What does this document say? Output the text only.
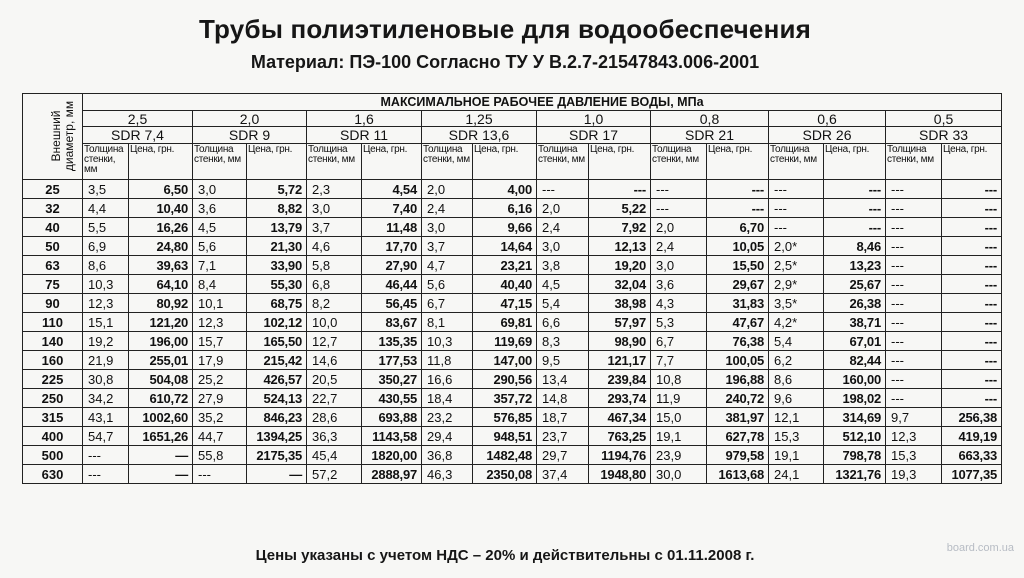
Трубы полиэтиленовые для водообеспечения
Материал: ПЭ-100 Согласно ТУ У В.2.7-21547843.006-2001
Внешний диаметр, мм	МАКСИМАЛЬНОЕ РАБОЧЕЕ ДАВЛЕНИЕ ВОДЫ, МПа															
	2,5		2,0		1,6		1,25		1,0		0,8		0,6		0,5	
	SDR 7,4		SDR 9		SDR 11		SDR 13,6		SDR 17		SDR 21		SDR 26		SDR 33	
	Толщина стенки, мм	Цена, грн.	Толщина стенки, мм	Цена, грн.	Толщина стенки, мм	Цена, грн.	Толщина стенки, мм	Цена, грн.	Толщина стенки, мм	Цена, грн.	Толщина стенки, мм	Цена, грн.	Толщина стенки, мм	Цена, грн.	Толщина стенки, мм	Цена, грн.
25	3,5	6,50	3,0	5,72	2,3	4,54	2,0	4,00	---	---	---	---	---	---	---	---
32	4,4	10,40	3,6	8,82	3,0	7,40	2,4	6,16	2,0	5,22	---	---	---	---	---	---
40	5,5	16,26	4,5	13,79	3,7	11,48	3,0	9,66	2,4	7,92	2,0	6,70	---	---	---	---
50	6,9	24,80	5,6	21,30	4,6	17,70	3,7	14,64	3,0	12,13	2,4	10,05	2,0*	8,46	---	---
63	8,6	39,63	7,1	33,90	5,8	27,90	4,7	23,21	3,8	19,20	3,0	15,50	2,5*	13,23	---	---
75	10,3	64,10	8,4	55,30	6,8	46,44	5,6	40,40	4,5	32,04	3,6	29,67	2,9*	25,67	---	---
90	12,3	80,92	10,1	68,75	8,2	56,45	6,7	47,15	5,4	38,98	4,3	31,83	3,5*	26,38	---	---
110	15,1	121,20	12,3	102,12	10,0	83,67	8,1	69,81	6,6	57,97	5,3	47,67	4,2*	38,71	---	---
140	19,2	196,00	15,7	165,50	12,7	135,35	10,3	119,69	8,3	98,90	6,7	76,38	5,4	67,01	---	---
160	21,9	255,01	17,9	215,42	14,6	177,53	11,8	147,00	9,5	121,17	7,7	100,05	6,2	82,44	---	---
225	30,8	504,08	25,2	426,57	20,5	350,27	16,6	290,56	13,4	239,84	10,8	196,88	8,6	160,00	---	---
250	34,2	610,72	27,9	524,13	22,7	430,55	18,4	357,72	14,8	293,74	11,9	240,72	9,6	198,02	---	---
315	43,1	1002,60	35,2	846,23	28,6	693,88	23,2	576,85	18,7	467,34	15,0	381,97	12,1	314,69	9,7	256,38
400	54,7	1651,26	44,7	1394,25	36,3	1143,58	29,4	948,51	23,7	763,25	19,1	627,78	15,3	512,10	12,3	419,19
500	---	—	55,8	2175,35	45,4	1820,00	36,8	1482,48	29,7	1194,76	23,9	979,58	19,1	798,78	15,3	663,33
630	---	—	---	—	57,2	2888,97	46,3	2350,08	37,4	1948,80	30,0	1613,68	24,1	1321,76	19,3	1077,35
Цены указаны с учетом НДС – 20% и действительны с 01.11.2008 г.	board.com.ua
